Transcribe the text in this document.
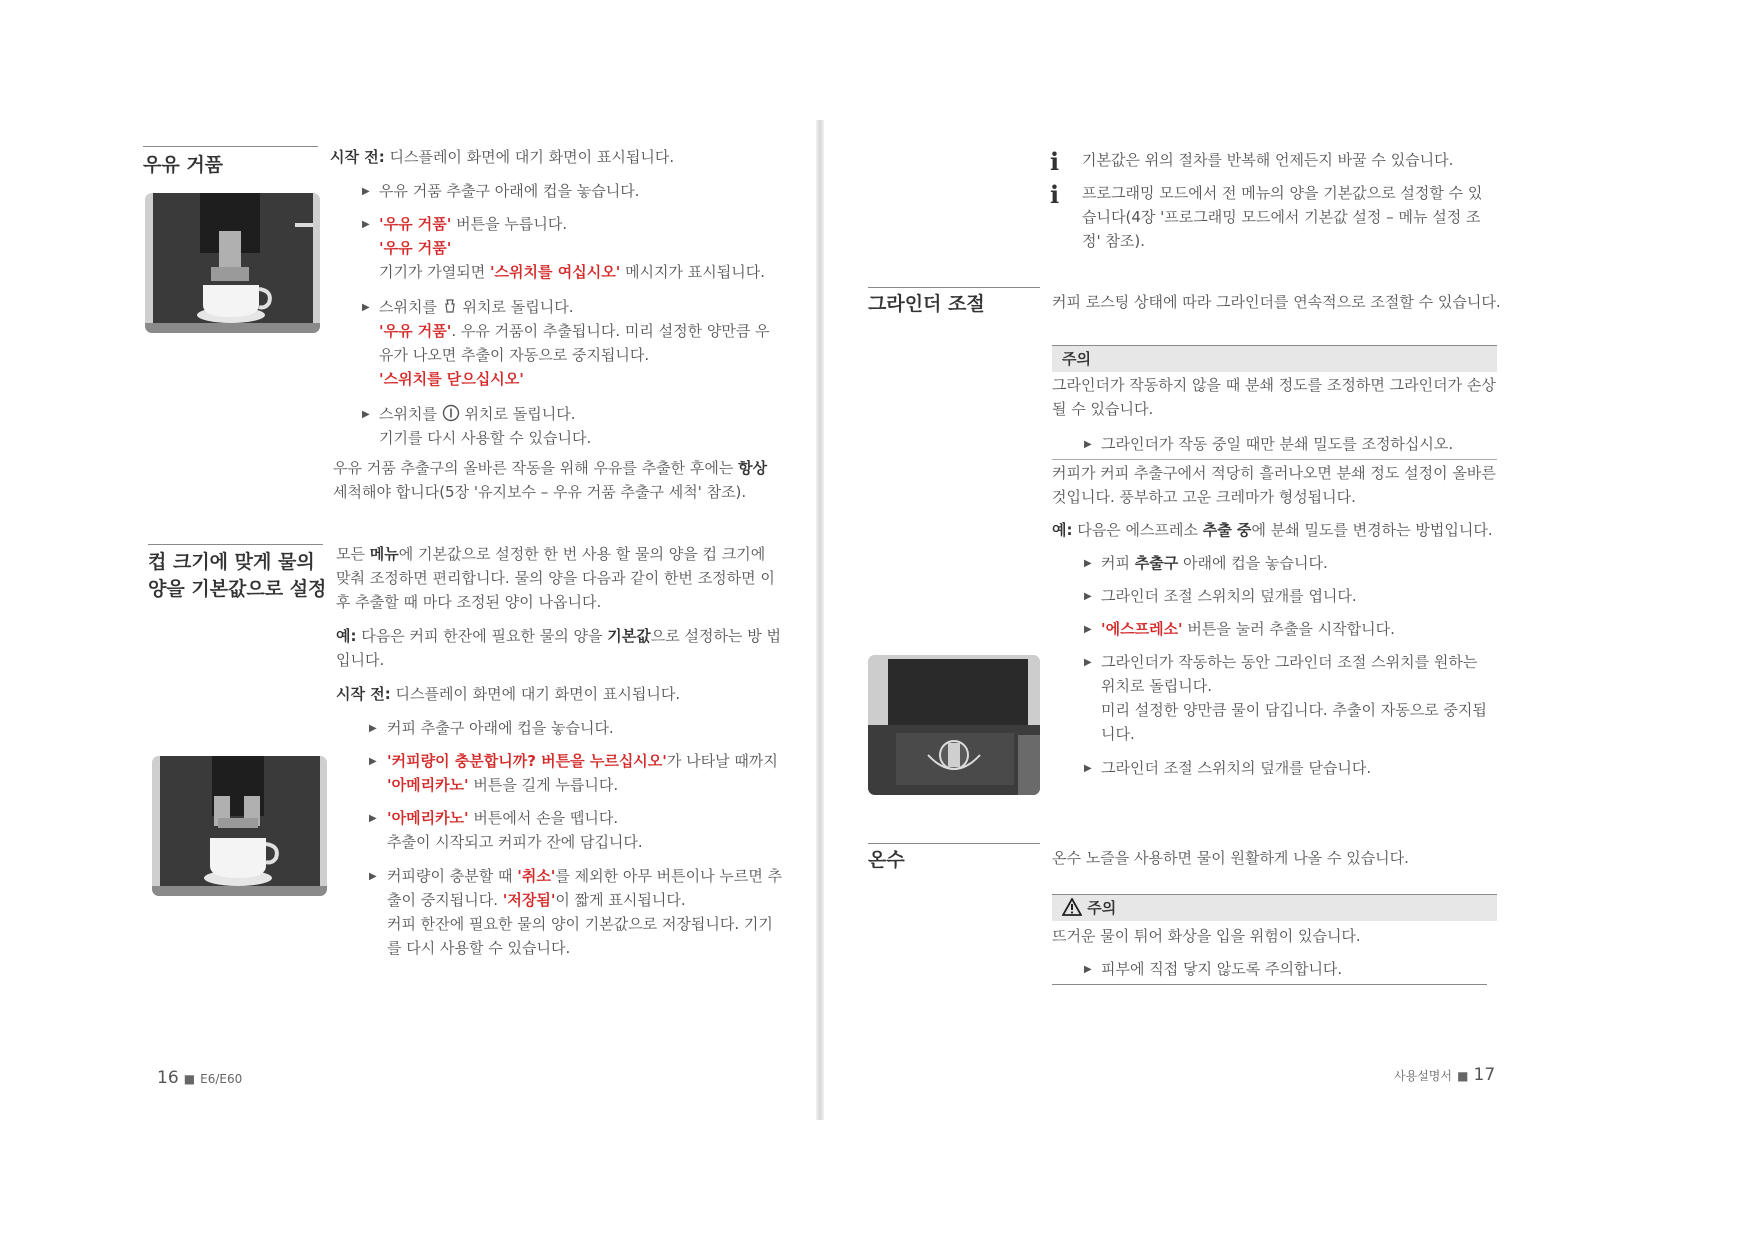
우유 거품	시작 전: 디스플레이 화면에 대기 화면이 표시됩니다.
▶ 우유 거품 추출구 아래에 컵을 놓습니다.
▶ '우유 거품' 버튼을 누릅니다.
'우유 거품'
기기가 가열되면 '스위치를 여십시오' 메시지가 표시됩니다.
▶ 스위치를  위치로 돌립니다.
'우유 거품'. 우유 거품이 추출됩니다. 미리 설정한 양만큼 우
유가 나오면 추출이 자동으로 중지됩니다.
'스위치를 닫으십시오'
▶ 스위치를  위치로 돌립니다.
기기를 다시 사용할 수 있습니다.
우유 거품 추출구의 올바른 작동을 위해 우유를 추출한 후에는 항상
세척해야 합니다(5장 '유지보수 – 우유 거품 추출구 세척' 참조).
컵 크기에 맞게 물의
양을 기본값으로 설정
모든 메뉴에 기본값으로 설정한 한 번 사용 할 물의 양을 컵 크기에
맞춰 조정하면 편리합니다. 물의 양을 다음과 같이 한번 조정하면 이
후 추출할 때 마다 조정된 양이 나옵니다.
예: 다음은 커피 한잔에 필요한 물의 양을 기본값으로 설정하는 방 법
입니다.
시작 전: 디스플레이 화면에 대기 화면이 표시됩니다.
▶ 커피 추출구 아래에 컵을 놓습니다.
▶ '커피량이 충분합니까? 버튼을 누르십시오'가 나타날 때까지
'아메리카노' 버튼을 길게 누릅니다.
▶ '아메리카노' 버튼에서 손을 뗍니다.
추출이 시작되고 커피가 잔에 담깁니다.
▶ 커피량이 충분할 때 '취소'를 제외한 아무 버튼이나 누르면 추
출이 중지됩니다. '저장됨'이 짧게 표시됩니다.
커피 한잔에 필요한 물의 양이 기본값으로 저장됩니다. 기기
를 다시 사용할 수 있습니다.
16 ■ E6/E60
i 기본값은 위의 절차를 반복해 언제든지 바꿀 수 있습니다.
i 프로그래밍 모드에서 전 메뉴의 양을 기본값으로 설정할 수 있
습니다(4장 '프로그래밍 모드에서 기본값 설정 – 메뉴 설정 조
정' 참조).
그라인더 조절	커피 로스팅 상태에 따라 그라인더를 연속적으로 조절할 수 있습니다.
주의
그라인더가 작동하지 않을 때 분쇄 정도를 조정하면 그라인더가 손상
될 수 있습니다.
▶ 그라인더가 작동 중일 때만 분쇄 밀도를 조정하십시오.
커피가 커피 추출구에서 적당히 흘러나오면 분쇄 정도 설정이 올바른
것입니다. 풍부하고 고운 크레마가 형성됩니다.
예: 다음은 에스프레소 추출 중에 분쇄 밀도를 변경하는 방법입니다.
▶ 커피 추출구 아래에 컵을 놓습니다.
▶ 그라인더 조절 스위치의 덮개를 엽니다.
▶ '에스프레소' 버튼을 눌러 추출을 시작합니다.
▶ 그라인더가 작동하는 동안 그라인더 조절 스위치를 원하는
위치로 돌립니다.
미리 설정한 양만큼 물이 담깁니다. 추출이 자동으로 중지됩
니다.
▶ 그라인더 조절 스위치의 덮개를 닫습니다.
온수	온수 노즐을 사용하면 물이 원활하게 나올 수 있습니다.
주의
뜨거운 물이 튀어 화상을 입을 위험이 있습니다.
▶ 피부에 직접 닿지 않도록 주의합니다.
사용설명서 ■ 17
